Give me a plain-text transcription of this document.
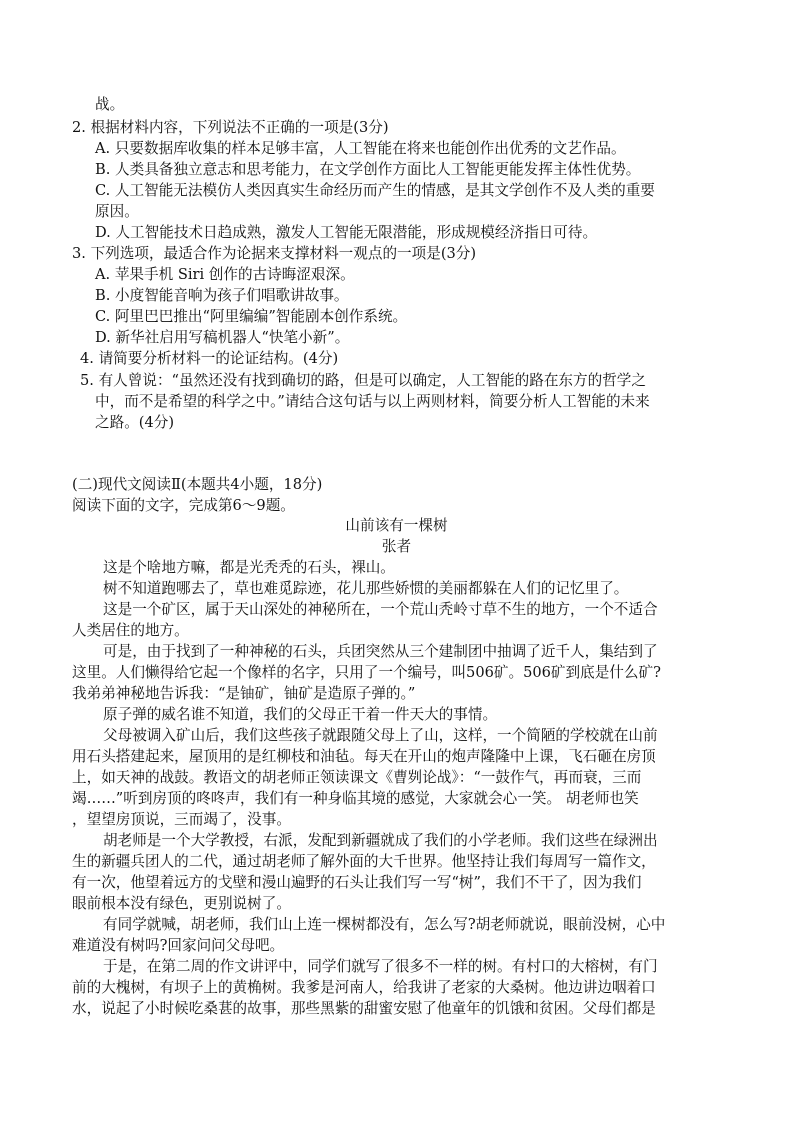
战。
2. 根据材料内容，下列说法不正确的一项是(3分)
A. 只要数据库收集的样本足够丰富，人工智能在将来也能创作出优秀的文艺作品。
B. 人类具备独立意志和思考能力，在文学创作方面比人工智能更能发挥主体性优势。
C. 人工智能无法模仿人类因真实生命经历而产生的情感，是其文学创作不及人类的重要
原因。
D. 人工智能技术日趋成熟，激发人工智能无限潜能，形成规模经济指日可待。
3. 下列选项，最适合作为论据来支撑材料一观点的一项是(3分)
A. 苹果手机 Siri 创作的古诗晦涩艰深。
B. 小度智能音响为孩子们唱歌讲故事。
C. 阿里巴巴推出“阿里编编”智能剧本创作系统。
D. 新华社启用写稿机器人“快笔小新”。
4. 请简要分析材料一的论证结构。(4分)
5. 有人曾说：“虽然还没有找到确切的路，但是可以确定，人工智能的路在东方的哲学之
中，而不是希望的科学之中。”请结合这句话与以上两则材料，简要分析人工智能的未来
之路。(4分)
(二)现代文阅读Ⅱ(本题共4小题，18分)
阅读下面的文字，完成第6～9题。
山前该有一棵树
张者
这是个啥地方嘛，都是光秃秃的石头，裸山。
树不知道跑哪去了，草也难觅踪迹，花儿那些娇惯的美丽都躲在人们的记忆里了。
这是一个矿区，属于天山深处的神秘所在，一个荒山秃岭寸草不生的地方，一个不适合
人类居住的地方。
可是，由于找到了一种神秘的石头，兵团突然从三个建制团中抽调了近千人，集结到了
这里。人们懒得给它起一个像样的名字，只用了一个编号，叫506矿。506矿到底是什么矿?
我弟弟神秘地告诉我：“是铀矿，铀矿是造原子弹的。”
原子弹的威名谁不知道，我们的父母正干着一件天大的事情。
父母被调入矿山后，我们这些孩子就跟随父母上了山，这样，一个简陋的学校就在山前
用石头搭建起来，屋顶用的是红柳枝和油毡。每天在开山的炮声隆隆中上课，飞石砸在房顶
上，如天神的战鼓。教语文的胡老师正领读课文《曹刿论战》：“一鼓作气，再而衰，三而
竭……”听到房顶的咚咚声，我们有一种身临其境的感觉，大家就会心一笑。 胡老师也笑
，望望房顶说，三而竭了，没事。
胡老师是一个大学教授，右派，发配到新疆就成了我们的小学老师。我们这些在绿洲出
生的新疆兵团人的二代，通过胡老师了解外面的大千世界。他坚持让我们每周写一篇作文，
有一次，他望着远方的戈壁和漫山遍野的石头让我们写一写“树”，我们不干了，因为我们
眼前根本没有绿色，更别说树了。
有同学就喊，胡老师，我们山上连一棵树都没有，怎么写?胡老师就说，眼前没树，心中
难道没有树吗?回家问问父母吧。
于是，在第二周的作文讲评中，同学们就写了很多不一样的树。有村口的大榕树，有门
前的大槐树，有坝子上的黄桷树。我爹是河南人，给我讲了老家的大桑树。他边讲边咽着口
水，说起了小时候吃桑葚的故事，那些黑紫的甜蜜安慰了他童年的饥饿和贫困。父母们都是
